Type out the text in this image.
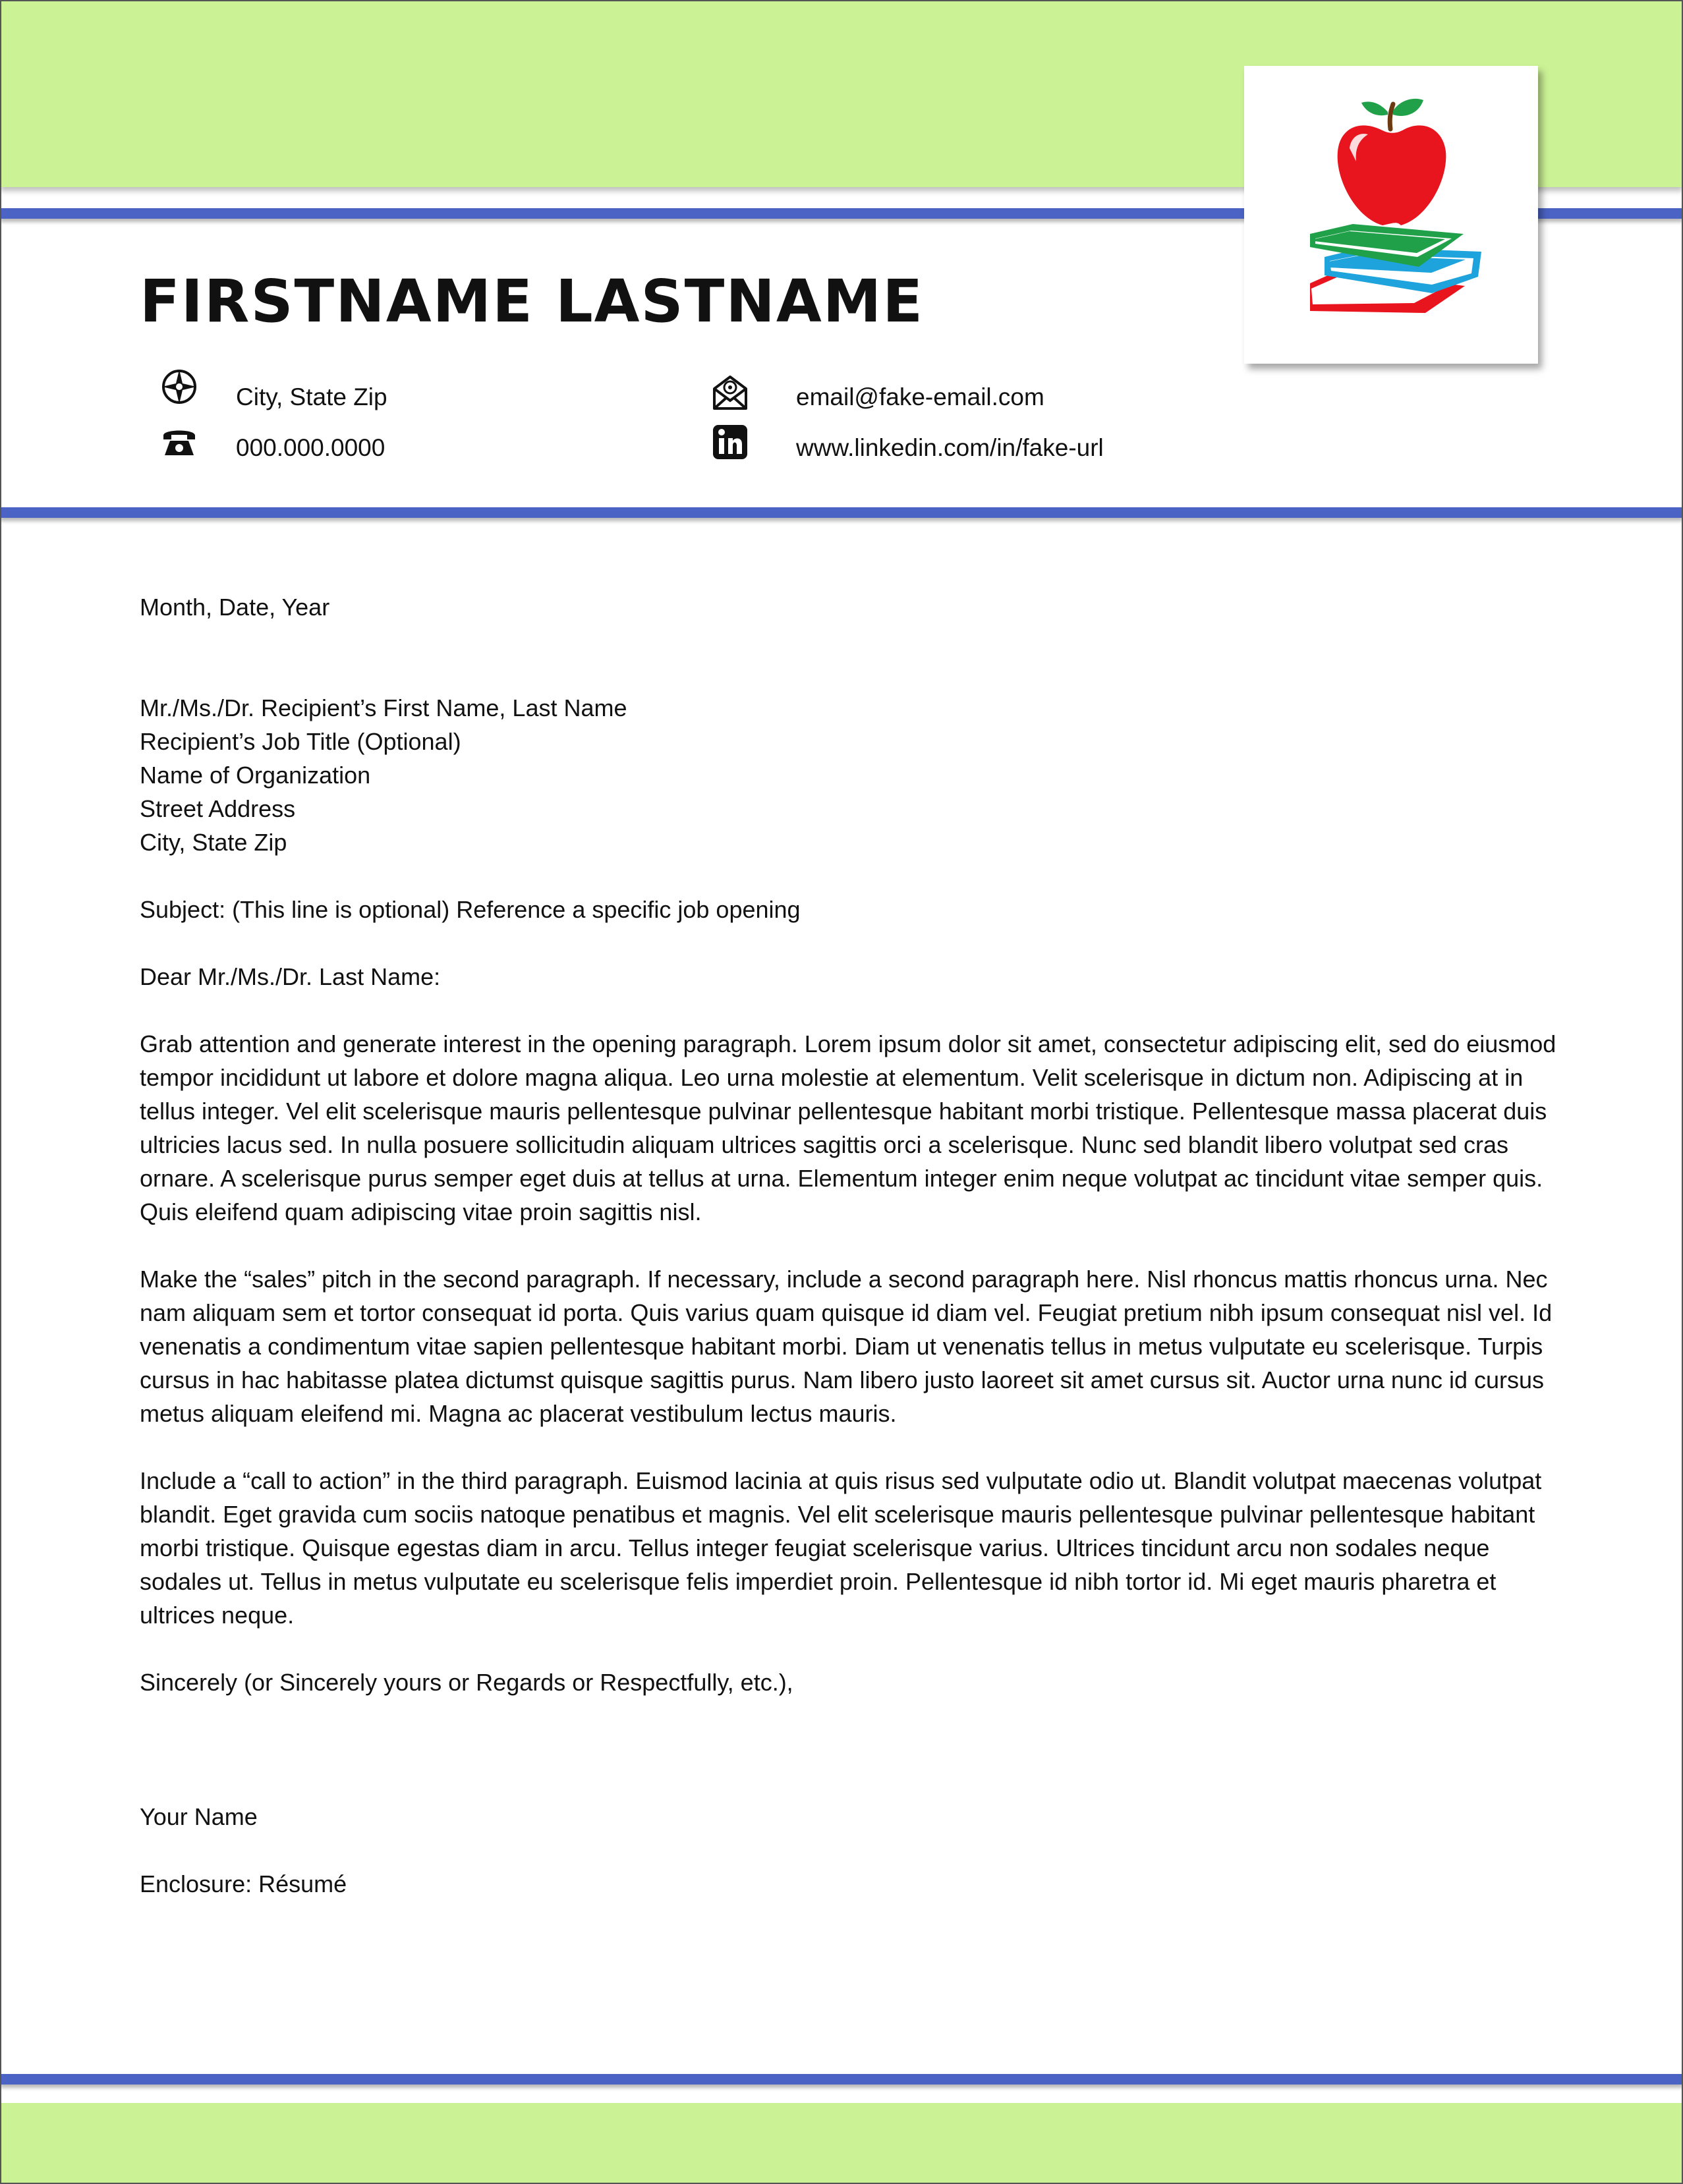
FIRSTNAME LASTNAME
City, State Zip
000.000.0000
email@fake-email.com
www.linkedin.com/in/fake-url

Month, Date, Year

Mr./Ms./Dr. Recipient’s First Name, Last Name

Recipient’s Job Title (Optional)

Name of Organization

Street Address

City, State Zip

Subject: (This line is optional) Reference a specific job opening

Dear Mr./Ms./Dr. Last Name:

Grab attention and generate interest in the opening paragraph. Lorem ipsum dolor sit amet, consectetur adipiscing elit, sed do eiusmod tempor incididunt ut labore et dolore magna aliqua. Leo urna molestie at elementum. Velit scelerisque in dictum non. Adipiscing at in tellus integer. Vel elit scelerisque mauris pellentesque pulvinar pellentesque habitant morbi tristique. Pellentesque massa placerat duis ultricies lacus sed. In nulla posuere sollicitudin aliquam ultrices sagittis orci a scelerisque. Nunc sed blandit libero volutpat sed cras ornare. A scelerisque purus semper eget duis at tellus at urna. Elementum integer enim neque volutpat ac tincidunt vitae semper quis. Quis eleifend quam adipiscing vitae proin sagittis nisl.

Make the “sales” pitch in the second paragraph. If necessary, include a second paragraph here. Nisl rhoncus mattis rhoncus urna. Nec nam aliquam sem et tortor consequat id porta. Quis varius quam quisque id diam vel. Feugiat pretium nibh ipsum consequat nisl vel. Id venenatis a condimentum vitae sapien pellentesque habitant morbi. Diam ut venenatis tellus in metus vulputate eu scelerisque. Turpis cursus in hac habitasse platea dictumst quisque sagittis purus. Nam libero justo laoreet sit amet cursus sit. Auctor urna nunc id cursus metus aliquam eleifend mi. Magna ac placerat vestibulum lectus mauris.

Include a “call to action” in the third paragraph. Euismod lacinia at quis risus sed vulputate odio ut. Blandit volutpat maecenas volutpat blandit. Eget gravida cum sociis natoque penatibus et magnis. Vel elit scelerisque mauris pellentesque pulvinar pellentesque habitant morbi tristique. Quisque egestas diam in arcu. Tellus integer feugiat scelerisque varius. Ultrices tincidunt arcu non sodales neque sodales ut. Tellus in metus vulputate eu scelerisque felis imperdiet proin. Pellentesque id nibh tortor id. Mi eget mauris pharetra et ultrices neque.

Sincerely (or Sincerely yours or Regards or Respectfully, etc.),

Your Name

Enclosure: Résumé
